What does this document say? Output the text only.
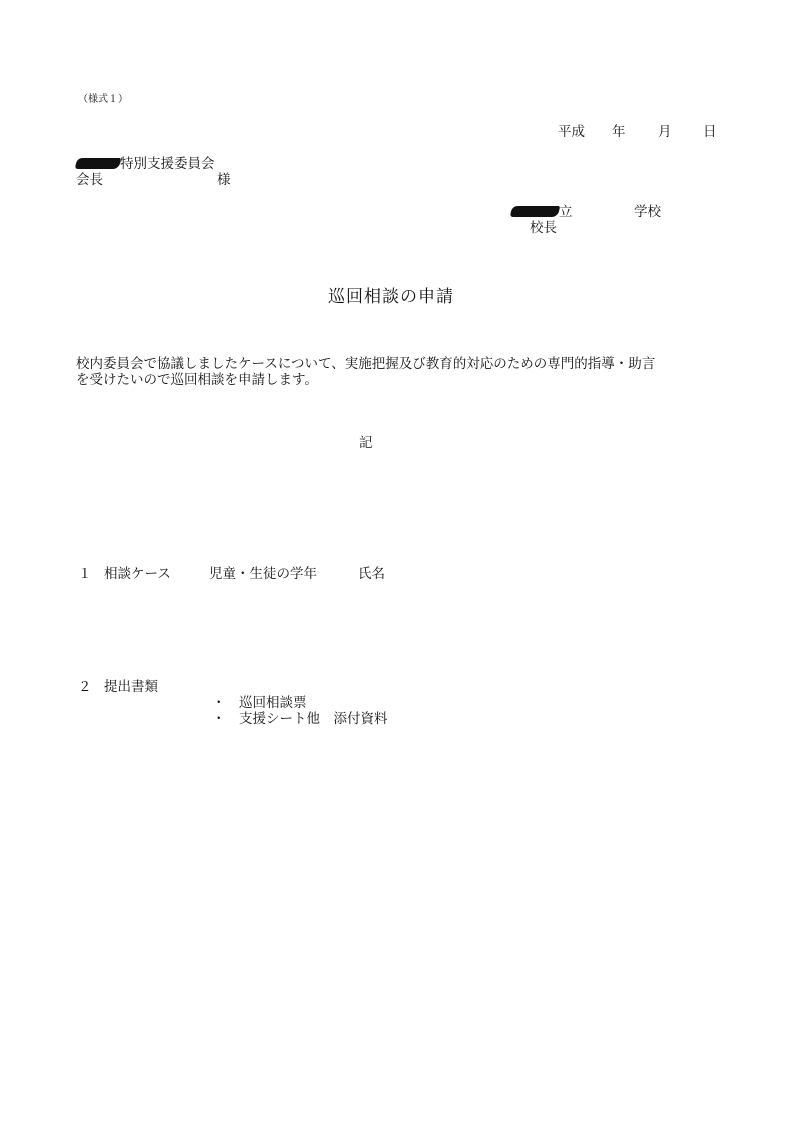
（様式１）
平成 年 月 日
特別支援委員会
会長	様
立	学校
校長
巡回相談の申請
校内委員会で協議しましたケースについて、実施把握及び教育的対応のための専門的指導・助言
を受けたいので巡回相談を申請します。
記
１ 相談ケース	児童・生徒の学年	氏名
２ 提出書類
・　巡回相談票
・　支援シート他　添付資料
